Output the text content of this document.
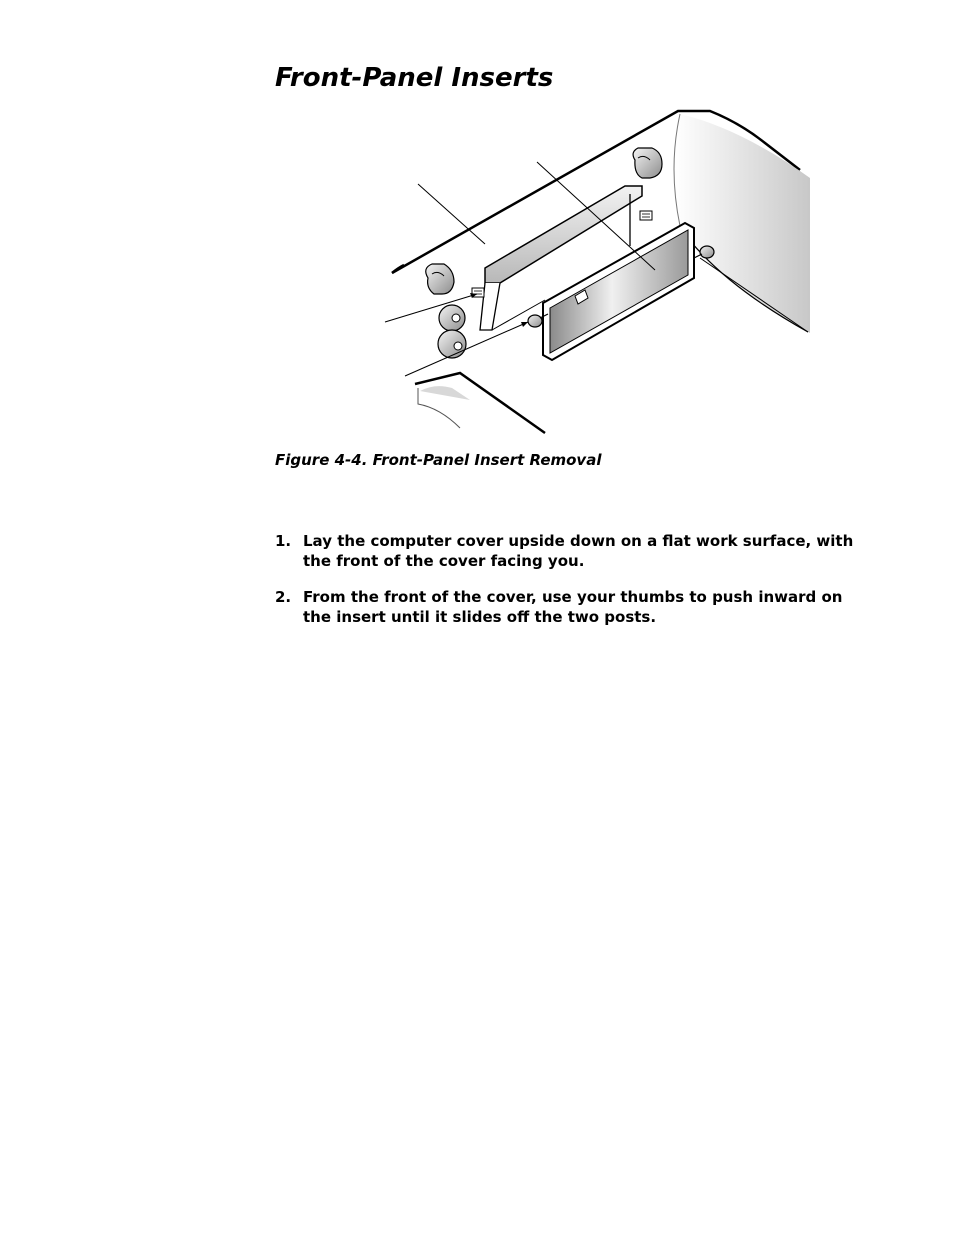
Front-Panel Inserts

Figure 4-4. Front-Panel Insert Removal

1. Lay the computer cover upside down on a flat work surface, with the front of the cover facing you.
2. From the front of the cover, use your thumbs to push inward on the insert until it slides off the two posts.
